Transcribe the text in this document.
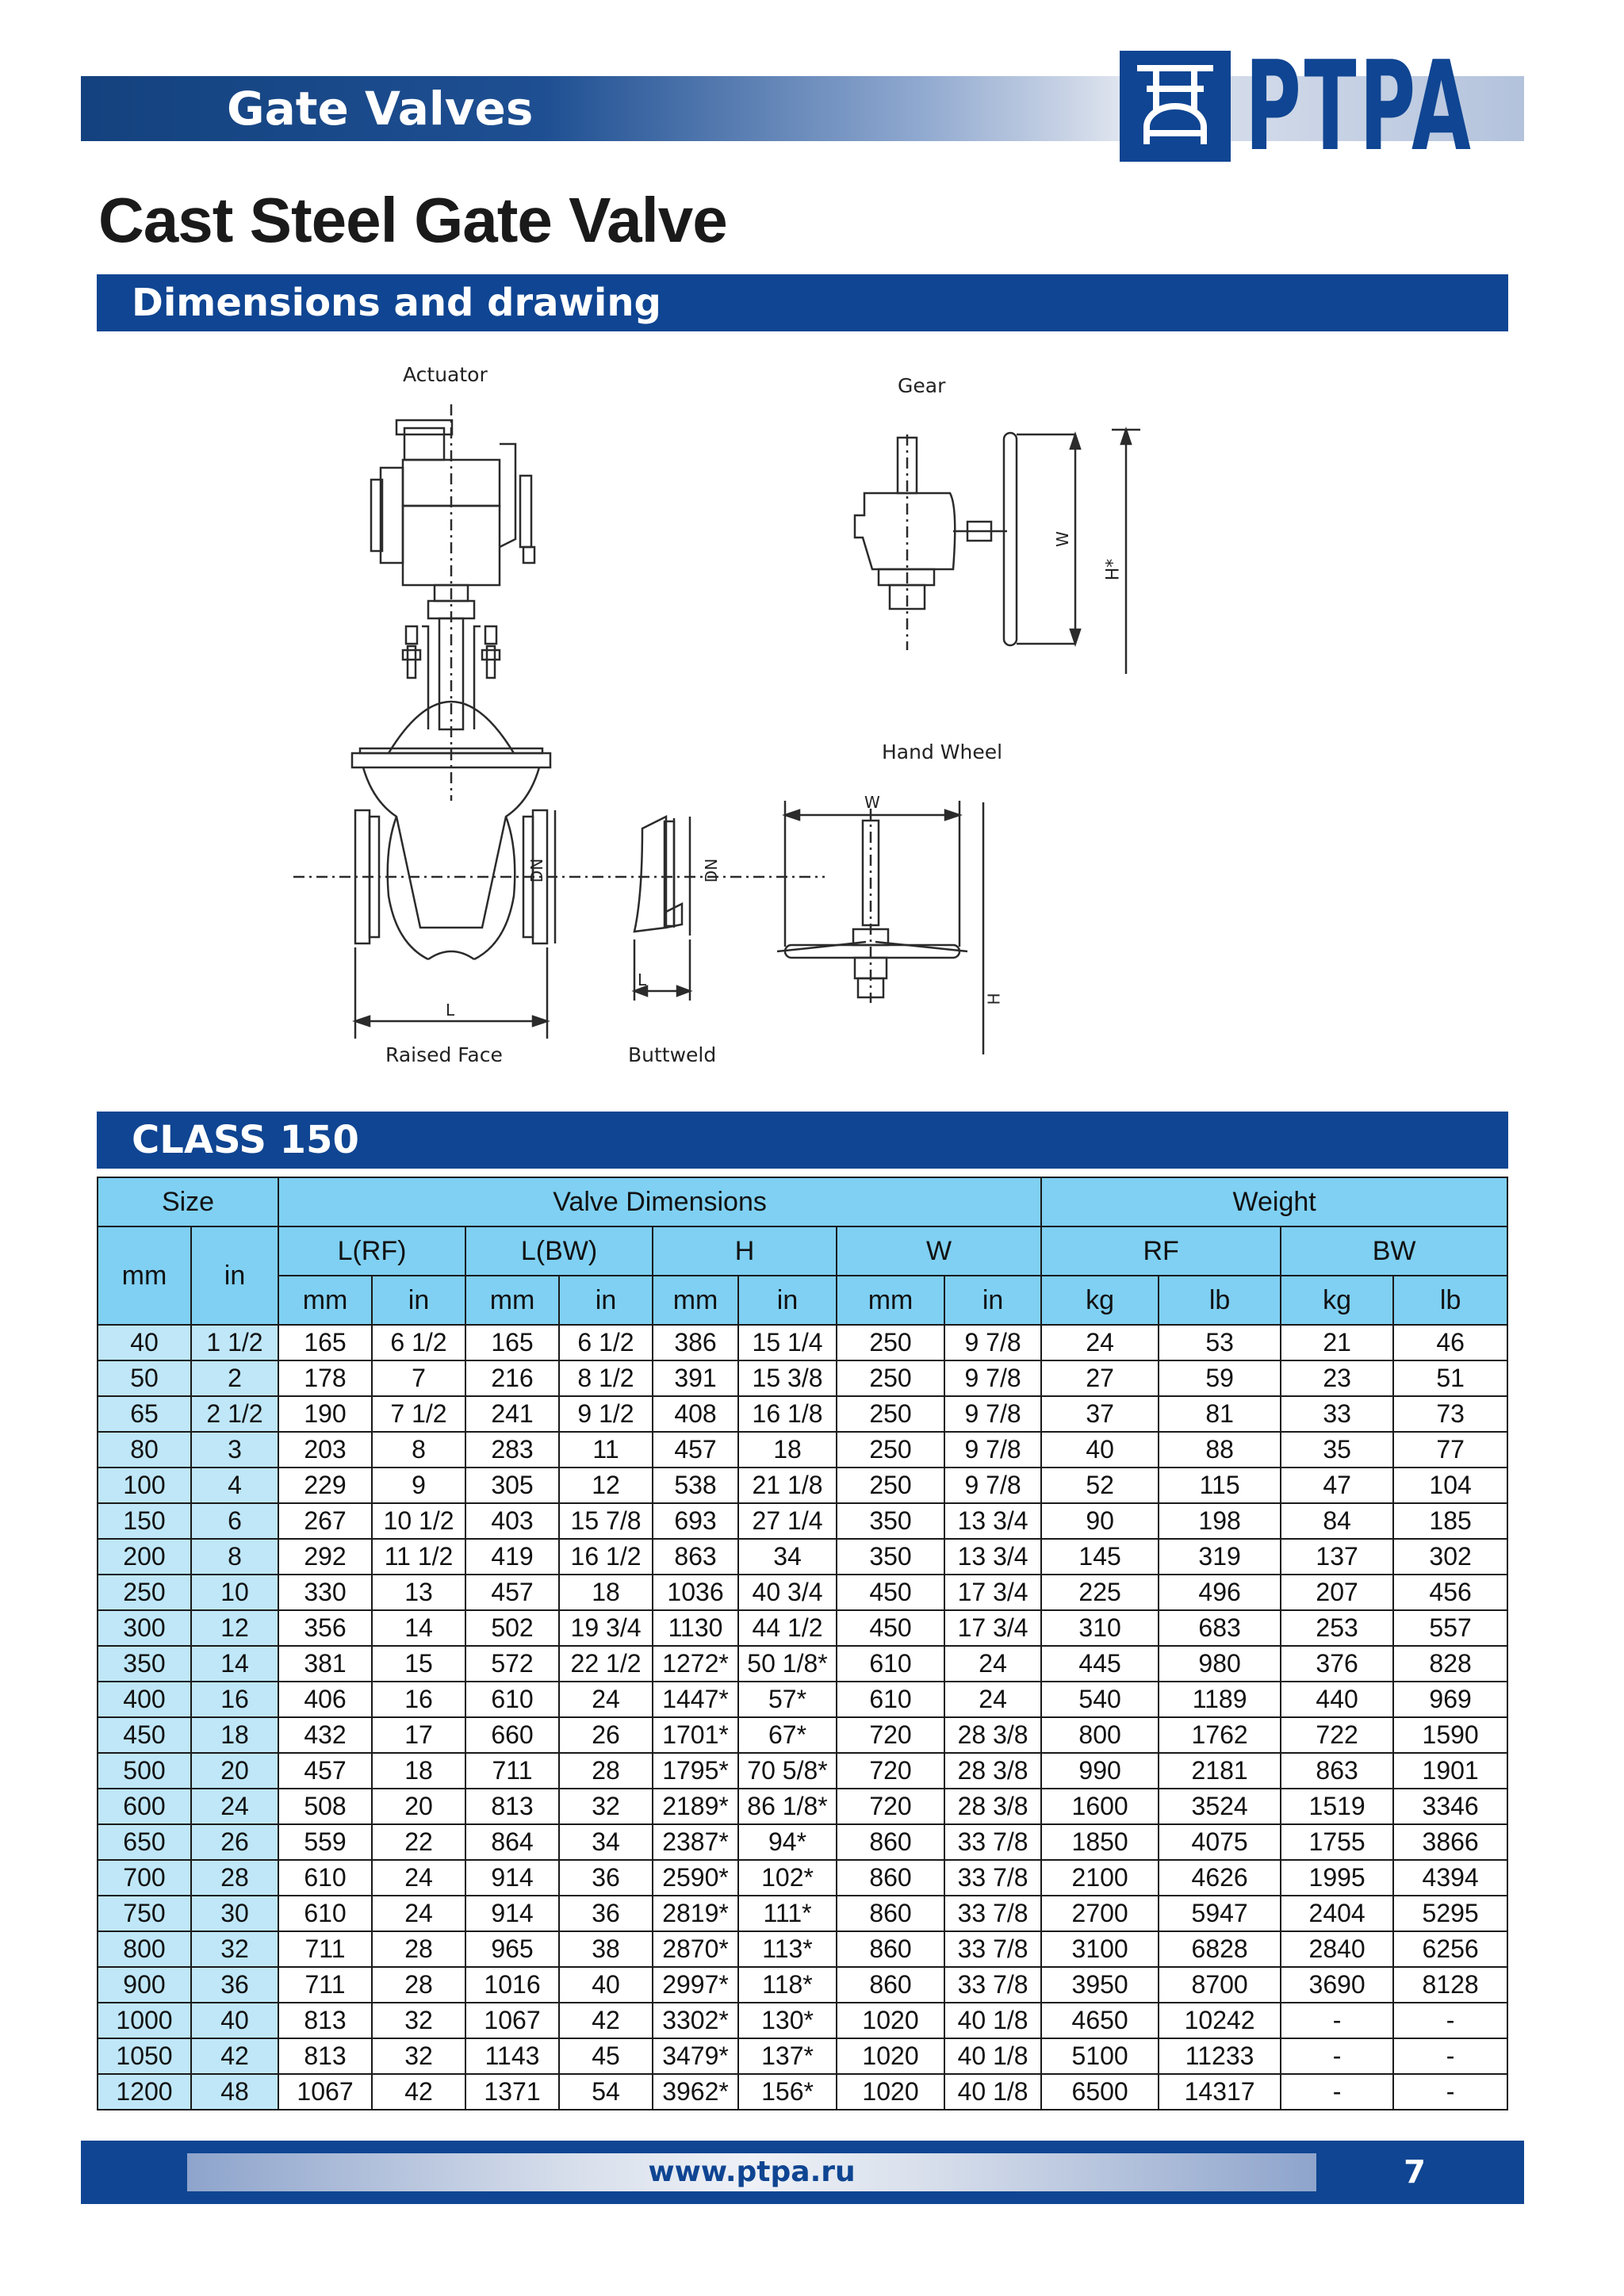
Gate Valves	PTPA
Cast Steel Gate Valve
Dimensions and drawing
Actuator	Gear
Hand Wheel
Raised Face	Buttweld
DN	DN
L
L
W
H*
W
H
CLASS 150
Size		Valve Dimensions								Weight			
mm	in	L(RF)		L(BW)		H		W		RF		BW	
		mm	in	mm	in	mm	in	mm	in	kg	lb	kg	lb
40	1 1/2	165	6 1/2	165	6 1/2	386	15 1/4	250	9 7/8	24	53	21	46
50	2	178	7	216	8 1/2	391	15 3/8	250	9 7/8	27	59	23	51
65	2 1/2	190	7 1/2	241	9 1/2	408	16 1/8	250	9 7/8	37	81	33	73
80	3	203	8	283	11	457	18	250	9 7/8	40	88	35	77
100	4	229	9	305	12	538	21 1/8	250	9 7/8	52	115	47	104
150	6	267	10 1/2	403	15 7/8	693	27 1/4	350	13 3/4	90	198	84	185
200	8	292	11 1/2	419	16 1/2	863	34	350	13 3/4	145	319	137	302
250	10	330	13	457	18	1036	40 3/4	450	17 3/4	225	496	207	456
300	12	356	14	502	19 3/4	1130	44 1/2	450	17 3/4	310	683	253	557
350	14	381	15	572	22 1/2	1272*	50 1/8*	610	24	445	980	376	828
400	16	406	16	610	24	1447*	57*	610	24	540	1189	440	969
450	18	432	17	660	26	1701*	67*	720	28 3/8	800	1762	722	1590
500	20	457	18	711	28	1795*	70 5/8*	720	28 3/8	990	2181	863	1901
600	24	508	20	813	32	2189*	86 1/8*	720	28 3/8	1600	3524	1519	3346
650	26	559	22	864	34	2387*	94*	860	33 7/8	1850	4075	1755	3866
700	28	610	24	914	36	2590*	102*	860	33 7/8	2100	4626	1995	4394
750	30	610	24	914	36	2819*	111*	860	33 7/8	2700	5947	2404	5295
800	32	711	28	965	38	2870*	113*	860	33 7/8	3100	6828	2840	6256
900	36	711	28	1016	40	2997*	118*	860	33 7/8	3950	8700	3690	8128
1000	40	813	32	1067	42	3302*	130*	1020	40 1/8	4650	10242	-	-
1050	42	813	32	1143	45	3479*	137*	1020	40 1/8	5100	11233	-	-
1200	48	1067	42	1371	54	3962*	156*	1020	40 1/8	6500	14317	-	-
www.ptpa.ru	7
